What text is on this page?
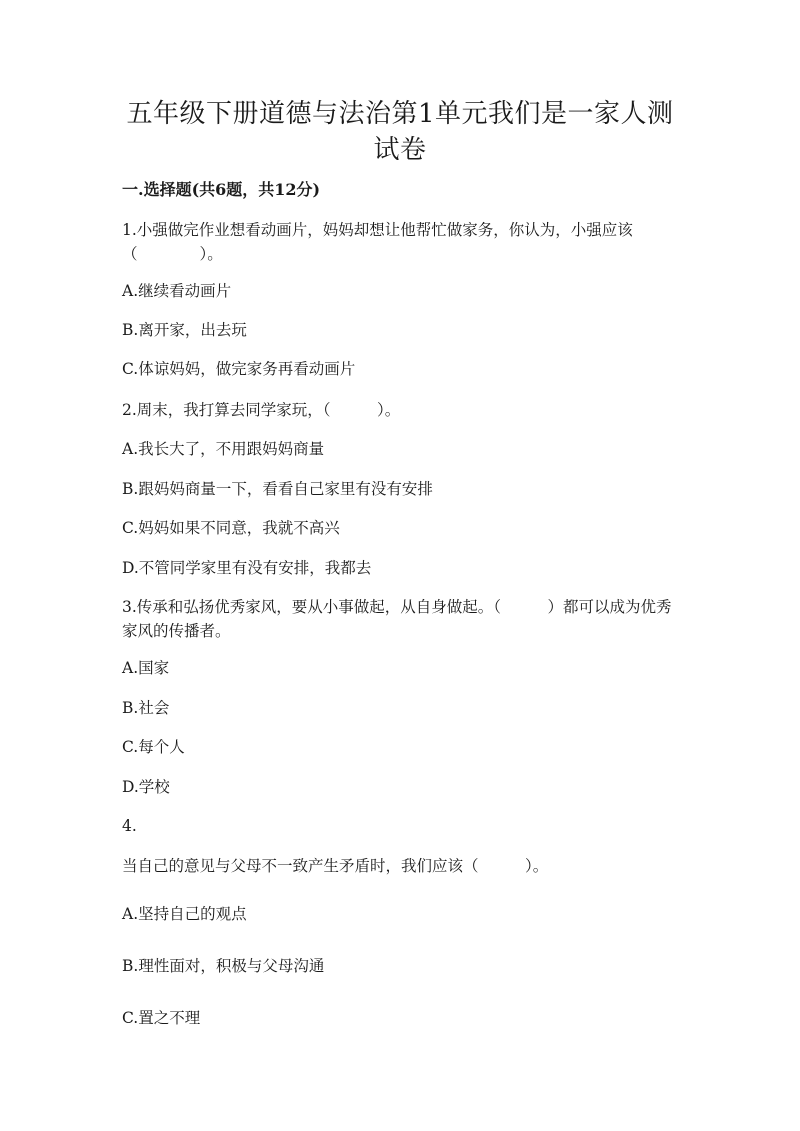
五年级下册道德与法治第1单元我们是一家人测试卷
一.选择题(共6题，共12分)
1.小强做完作业想看动画片，妈妈却想让他帮忙做家务，你认为，小强应该（　　　　）。
A.继续看动画片
B.离开家，出去玩
C.体谅妈妈，做完家务再看动画片
2.周末，我打算去同学家玩，（　　　）。
A.我长大了，不用跟妈妈商量
B.跟妈妈商量一下，看看自己家里有没有安排
C.妈妈如果不同意，我就不高兴
D.不管同学家里有没有安排，我都去
3.传承和弘扬优秀家风，要从小事做起，从自身做起。（　　　）都可以成为优秀家风的传播者。
A.国家
B.社会
C.每个人
D.学校
4.
当自己的意见与父母不一致产生矛盾时，我们应该（　　　）。
A.坚持自己的观点
B.理性面对，积极与父母沟通
C.置之不理
